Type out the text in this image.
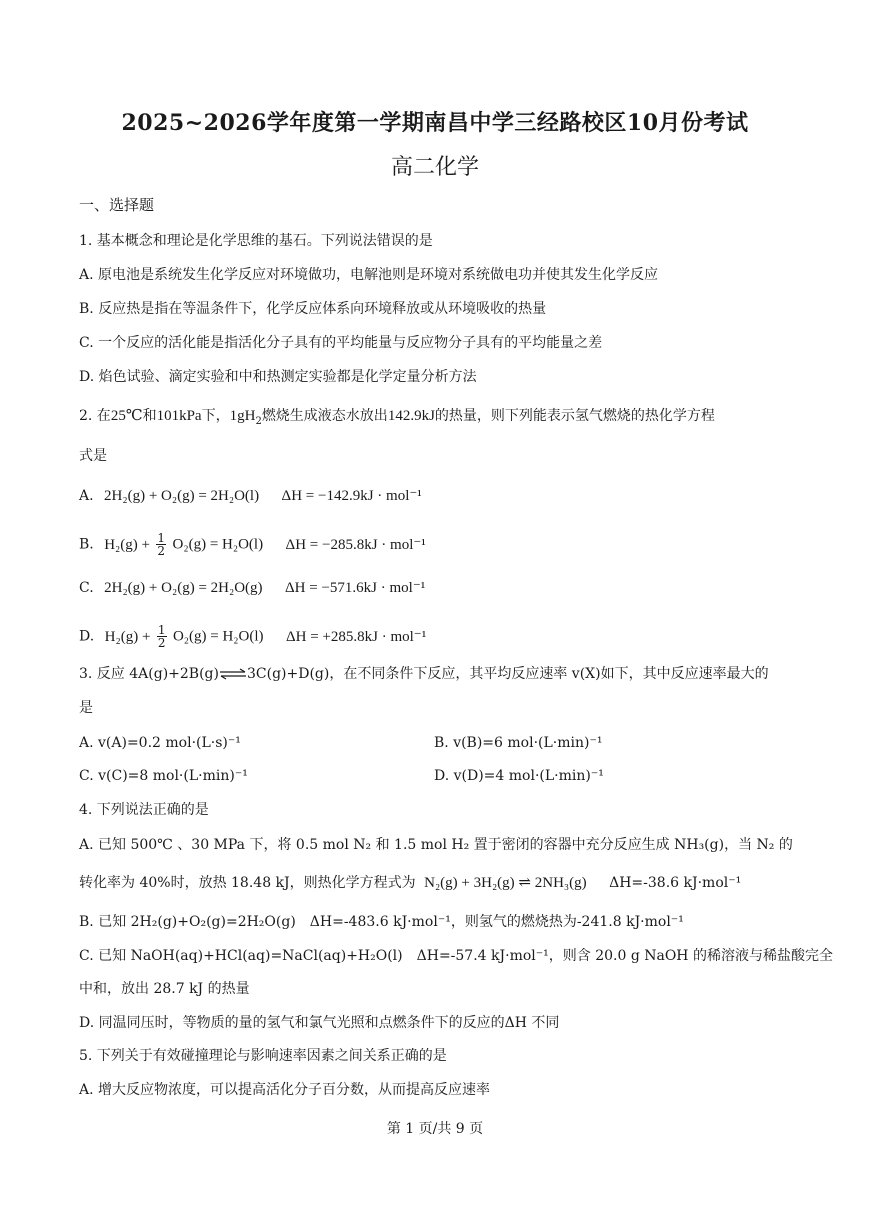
2025~2026学年度第一学期南昌中学三经路校区10月份考试
高二化学
一、选择题
1. 基本概念和理论是化学思维的基石。下列说法错误的是
A. 原电池是系统发生化学反应对环境做功，电解池则是环境对系统做电功并使其发生化学反应
B. 反应热是指在等温条件下，化学反应体系向环境释放或从环境吸收的热量
C. 一个反应的活化能是指活化分子具有的平均能量与反应物分子具有的平均能量之差
D. 焰色试验、滴定实验和中和热测定实验都是化学定量分析方法
2. 在25℃和101kPa下，$1gH_2$燃烧生成液态水放出142.9kJ的热量，则下列能表示氢气燃烧的热化学方程
式是
A. 2H₂(g) + O₂(g) = 2H₂O(l) ΔH = −142.9kJ · mol⁻¹
B. $H_2(g) + \frac{1}{2} O_2(g) = H_2O(l) \Delta H = -285.8kJ \cdot mol^{-1}$
C. 2H₂(g) + O₂(g) = 2H₂O(g) ΔH = −571.6kJ · mol⁻¹
D. $H_2(g) + \frac{1}{2} O_2(g) = H_2O(l) \Delta H = +285.8kJ \cdot mol^{-1}$
3. 反应 4A(g)+2B(g)⇌3C(g)+D(g)，在不同条件下反应，其平均反应速率 v(X)如下，其中反应速率最大的
是
A. v(A)=0.2 mol·(L·s)⁻¹	B. v(B)=6 mol·(L·min)⁻¹
C. v(C)=8 mol·(L·min)⁻¹	D. v(D)=4 mol·(L·min)⁻¹
4. 下列说法正确的是
A. 已知 500℃ 、30 MPa 下，将 0.5 mol N₂ 和 1.5 mol H₂ 置于密闭的容器中充分反应生成 NH₃(g)，当 N₂ 的
转化率为 40%时，放热 18.48 kJ，则热化学方程式为 N₂(g) + 3H₂(g) ⇌ 2NH₃(g) ΔH=-38.6 kJ·mol⁻¹
B. 已知 2H₂(g)+O₂(g)=2H₂O(g)　ΔH=-483.6 kJ·mol⁻¹，则氢气的燃烧热为-241.8 kJ·mol⁻¹
C. 已知 NaOH(aq)+HCl(aq)=NaCl(aq)+H₂O(l)　ΔH=-57.4 kJ·mol⁻¹，则含 20.0 g NaOH 的稀溶液与稀盐酸完全
中和，放出 28.7 kJ 的热量
D. 同温同压时，等物质的量的氢气和氯气光照和点燃条件下的反应的ΔH 不同
5. 下列关于有效碰撞理论与影响速率因素之间关系正确的是
A. 增大反应物浓度，可以提高活化分子百分数，从而提高反应速率
第 1 页/共 9 页
